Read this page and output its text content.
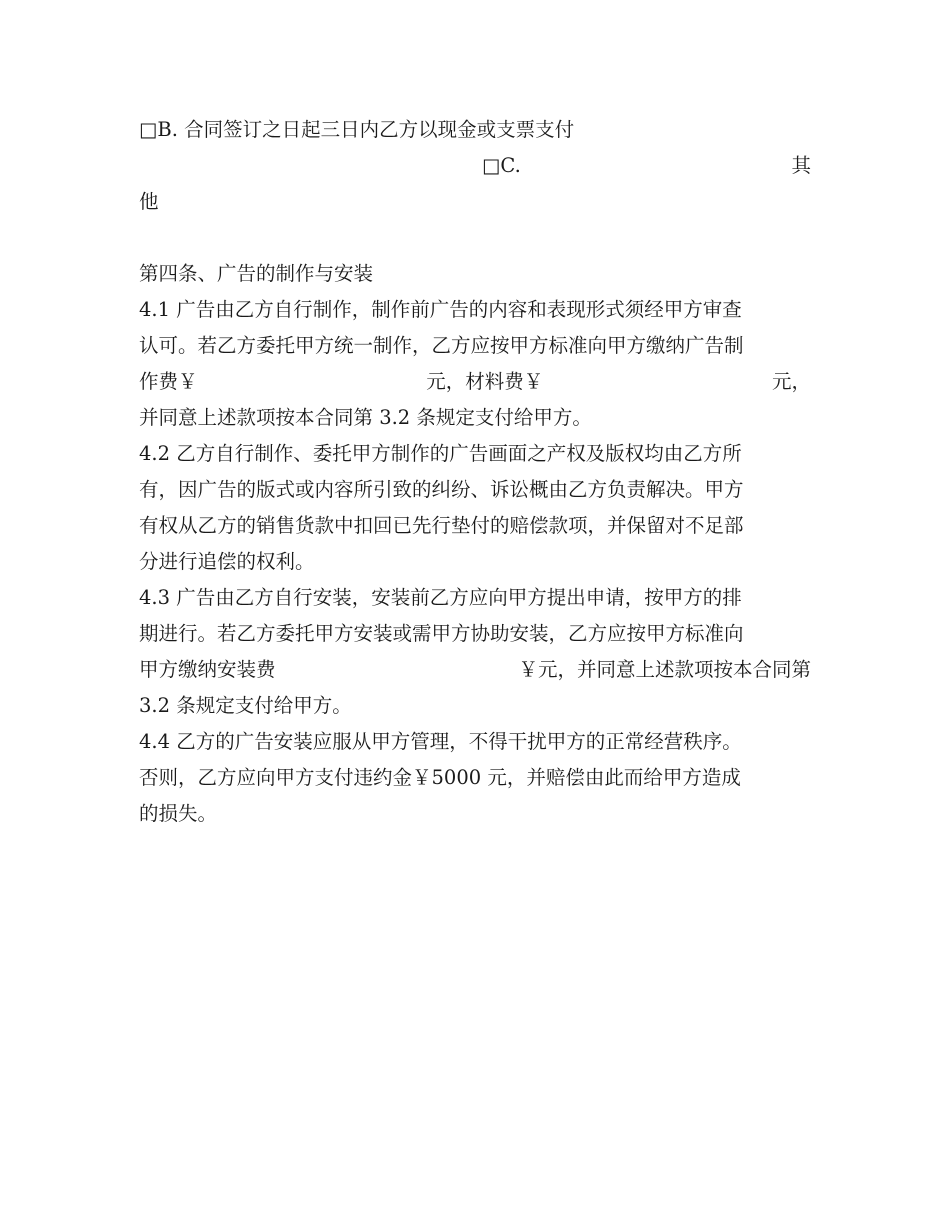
□B. 合同签订之日起三日内乙方以现金或支票支付
□C.	其
他
第四条、广告的制作与安装
4.1 广告由乙方自行制作，制作前广告的内容和表现形式须经甲方审查
认可。若乙方委托甲方统一制作，乙方应按甲方标准向甲方缴纳广告制
作费￥	元，材料费￥	元，
并同意上述款项按本合同第 3.2 条规定支付给甲方。
4.2 乙方自行制作、委托甲方制作的广告画面之产权及版权均由乙方所
有，因广告的版式或内容所引致的纠纷、诉讼概由乙方负责解决。甲方
有权从乙方的销售货款中扣回已先行垫付的赔偿款项，并保留对不足部
分进行追偿的权利。
4.3 广告由乙方自行安装，安装前乙方应向甲方提出申请，按甲方的排
期进行。若乙方委托甲方安装或需甲方协助安装，乙方应按甲方标准向
甲方缴纳安装费	￥元，并同意上述款项按本合同第
3.2 条规定支付给甲方。
4.4 乙方的广告安装应服从甲方管理，不得干扰甲方的正常经营秩序。
否则，乙方应向甲方支付违约金￥5000 元，并赔偿由此而给甲方造成
的损失。
